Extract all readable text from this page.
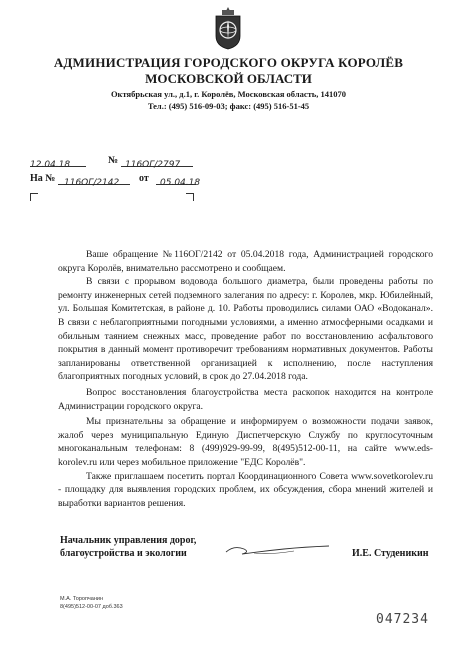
АДМИНИСТРАЦИЯ ГОРОДСКОГО ОКРУГА КОРОЛЁВ
МОСКОВСКОЙ ОБЛАСТИ
Октябрьская ул., д.1, г. Королёв, Московская область, 141070
Тел.: (495) 516-09-03; факс: (495) 516-51-45
12.04.18	№ 116ОГ/2797
На № 116ОГ/2142	от	05.04.18

Ваше обращение №116ОГ/2142 от 05.04.2018 года, Администрацией городского округа Королёв, внимательно рассмотрено и сообщаем.

В связи с прорывом водовода большого диаметра, были проведены работы по ремонту инженерных сетей подземного залегания по адресу: г. Королев, мкр. Юбилейный, ул. Большая Комитетская, в районе д. 10. Работы проводились силами ОАО «Водоканал». В связи с неблагоприятными погодными условиями, а именно атмосферными осадками и обильным таянием снежных масс, проведение работ по восстановлению асфальтового покрытия в данный момент противоречит требованиям нормативных документов. Работы запланированы ответственной организацией к исполнению, после наступления благоприятных погодных условий, в срок до 27.04.2018 года.

Вопрос восстановления благоустройства места раскопок находится на контроле Администрации городского округа.

Мы признательны за обращение и информируем о возможности подачи заявок, жалоб через муниципальную Единую Диспетчерскую Службу по круглосуточным многоканальным телефонам: 8 (499)929-99-99, 8(495)512-00-11, на сайте www.eds-korolev.ru или через мобильное приложение "ЕДС Королёв".

Также приглашаем посетить портал Координационного Совета www.sovetkorolev.ru - площадку для выявления городских проблем, их обсуждения, сбора мнений жителей и выработки вариантов решения.

Начальник управления дорог,
благоустройства и экологии	И.Е. Студеникин
М.А. Торопчанин
8(495)512-00-07 доб.363
047234
